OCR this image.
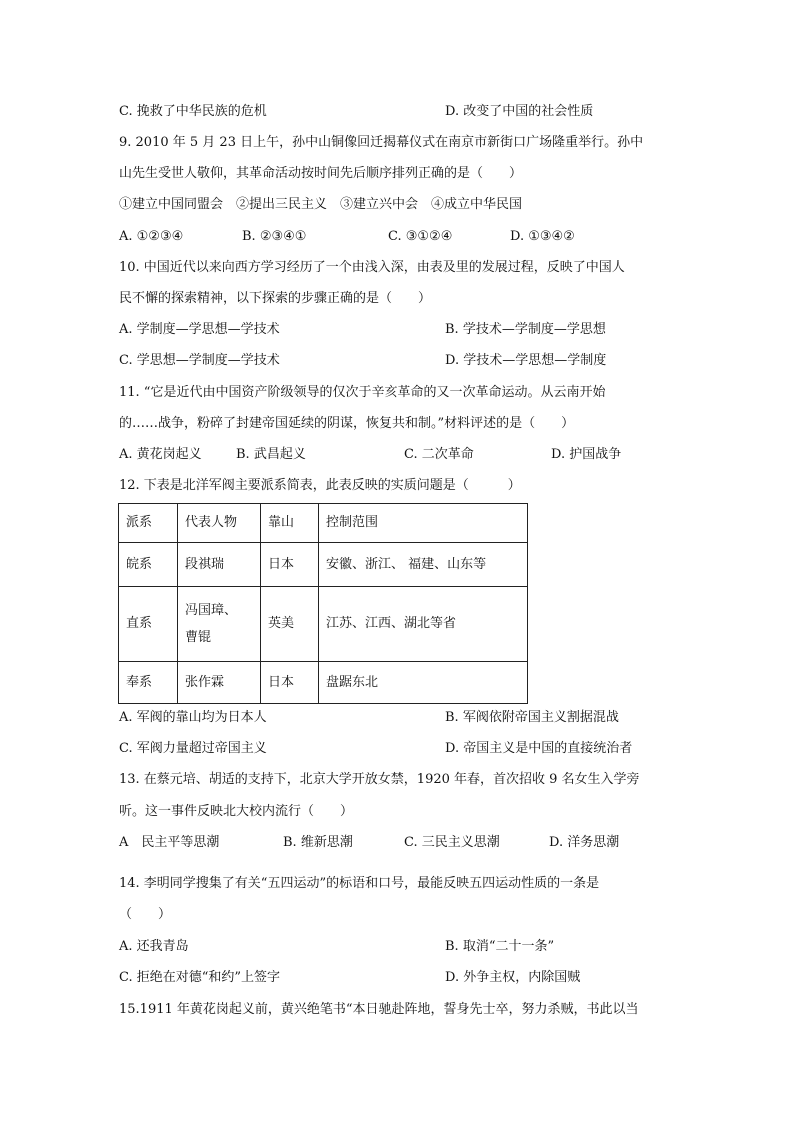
C. 挽救了中华民族的危机	D. 改变了中国的社会性质
9. 2010 年 5 月 23 日上午，孙中山铜像回迁揭幕仪式在南京市新街口广场隆重举行。孙中
山先生受世人敬仰，其革命活动按时间先后顺序排列正确的是（　　）
①建立中国同盟会　②提出三民主义　③建立兴中会　④成立中华民国
A. ①②③④	B. ②③④①	C. ③①②④	D. ①③④②
10. 中国近代以来向西方学习经历了一个由浅入深，由表及里的发展过程，反映了中国人
民不懈的探索精神，以下探索的步骤正确的是（　　）
A. 学制度—学思想—学技术	B. 学技术—学制度—学思想
C. 学思想—学制度—学技术	D. 学技术—学思想—学制度
11. “它是近代由中国资产阶级领导的仅次于辛亥革命的又一次革命运动。从云南开始
的……战争，粉碎了封建帝国延续的阴谋，恢复共和制。”材料评述的是（　　）
A. 黄花岗起义	B. 武昌起义	C. 二次革命	D. 护国战争
12. 下表是北洋军阀主要派系简表，此表反映的实质问题是（　　　）
派系	代表人物	靠山	控制范围
皖系	段祺瑞	日本	安徽、浙江、 福建、山东等
直系	冯国璋、
曹锟	英美	江苏、江西、湖北等省
奉系	张作霖	日本	盘踞东北
A. 军阀的靠山均为日本人	B. 军阀依附帝国主义割据混战
C. 军阀力量超过帝国主义	D. 帝国主义是中国的直接统治者
13. 在蔡元培、胡适的支持下，北京大学开放女禁，1920 年春，首次招收 9 名女生入学旁
听。这一事件反映北大校内流行（　　）
A　民主平等思潮	B. 维新思潮	C. 三民主义思潮	D. 洋务思潮
14. 李明同学搜集了有关“五四运动”的标语和口号，最能反映五四运动性质的一条是
（　　）
A. 还我青岛	B. 取消“二十一条”
C. 拒绝在对德“和约”上签字	D. 外争主权，内除国贼
15.1911 年黄花岗起义前，黄兴绝笔书“本日驰赴阵地，誓身先士卒，努力杀贼，书此以当
